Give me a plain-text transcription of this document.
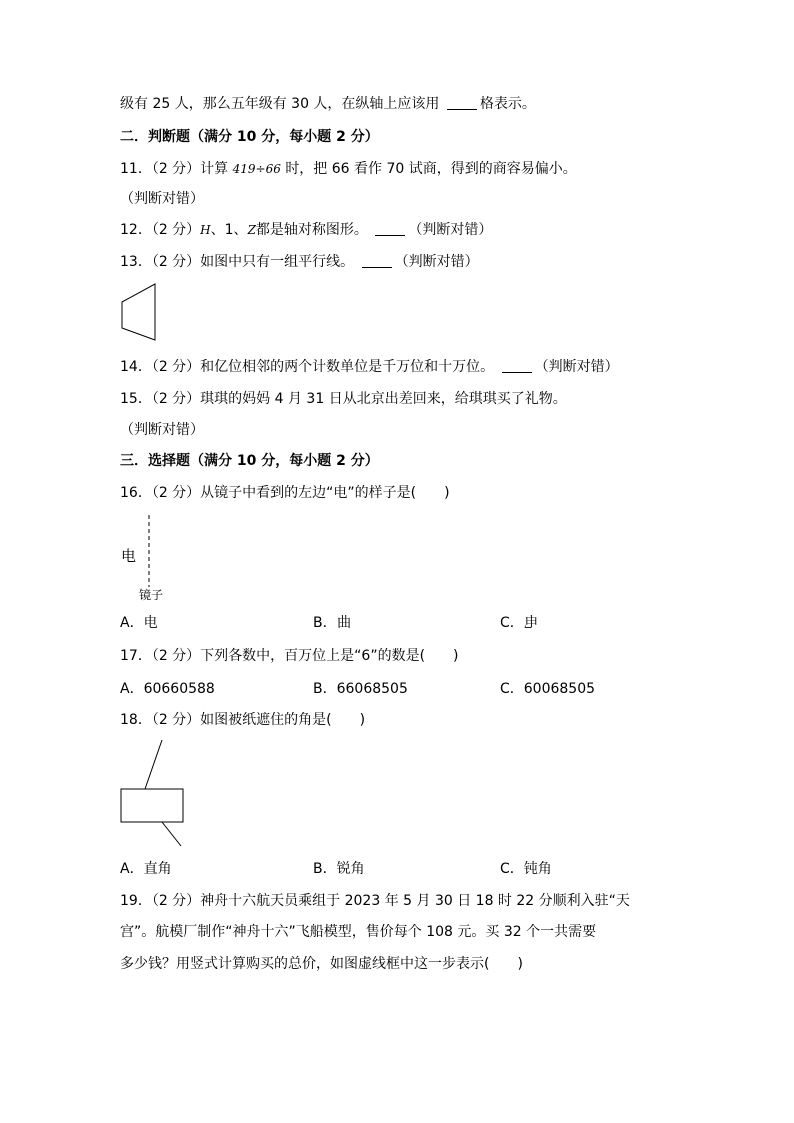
级有 25 人，那么五年级有 30 人，在纵轴上应该用	格表示。
二．判断题（满分 10 分，每小题 2 分）
11．（2 分）计算 419÷66 时，把 66 看作 70 试商，得到的商容易偏小。
（判断对错）
12．（2 分）H、1、Z都是轴对称图形。	（判断对错）
13．（2 分）如图中只有一组平行线。	（判断对错）
14．（2 分）和亿位相邻的两个计数单位是千万位和十万位。	（判断对错）
15．（2 分）琪琪的妈妈 4 月 31 日从北京出差回来，给琪琪买了礼物。
（判断对错）
三．选择题（满分 10 分，每小题 2 分）
16．（2 分）从镜子中看到的左边“电”的样子是( )
电
镜子
A．电	B．曲	C．电
17．（2 分）下列各数中，百万位上是“6”的数是( )
A．60660588	B．66068505	C．60068505
18．（2 分）如图被纸遮住的角是( )
A．直角	B．锐角	C．钝角
19．（2 分）神舟十六航天员乘组于 2023 年 5 月 30 日 18 时 22 分顺利入驻“天
宫”。航模厂制作“神舟十六”飞船模型，售价每个 108 元。买 32 个一共需要
多少钱？用竖式计算购买的总价，如图虚线框中这一步表示( )
